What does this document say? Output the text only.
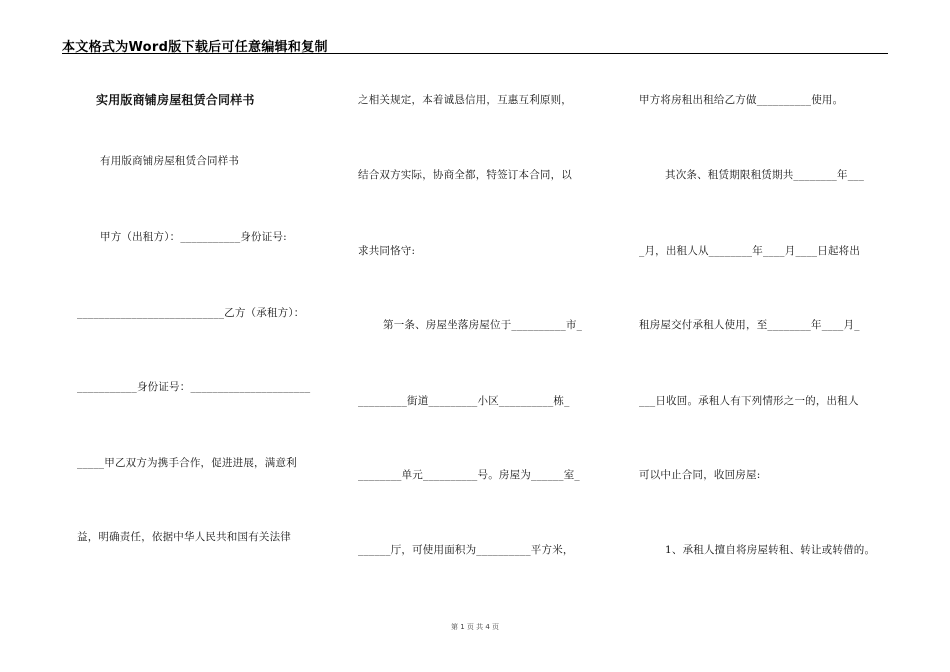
本文格式为Word版下载后可任意编辑和复制
实用版商铺房屋租赁合同样书
有用版商铺房屋租赁合同样书
甲方（出租方）：___________身份证号:
___________________________乙方（承租方）：
___________身份证号：______________________
_____甲乙双方为携手合作，促进进展，满意利
益，明确责任，依据中华人民共和国有关法律
之相关规定，本着诚恳信用，互惠互利原则，
结合双方实际，协商全都，特签订本合同，以
求共同恪守:
第一条、房屋坐落房屋位于__________市_
_________街道_________小区__________栋_
________单元__________号。房屋为______室_
______厅，可使用面积为__________平方米，
甲方将房租出租给乙方做__________使用。
其次条、租赁期限租赁期共________年___
_月，出租人从________年____月____日起将出
租房屋交付承租人使用，至________年____月_
___日收回。承租人有下列情形之一的，出租人
可以中止合同，收回房屋:
1、承租人擅自将房屋转租、转让或转借的。
第 1 页 共 4 页
